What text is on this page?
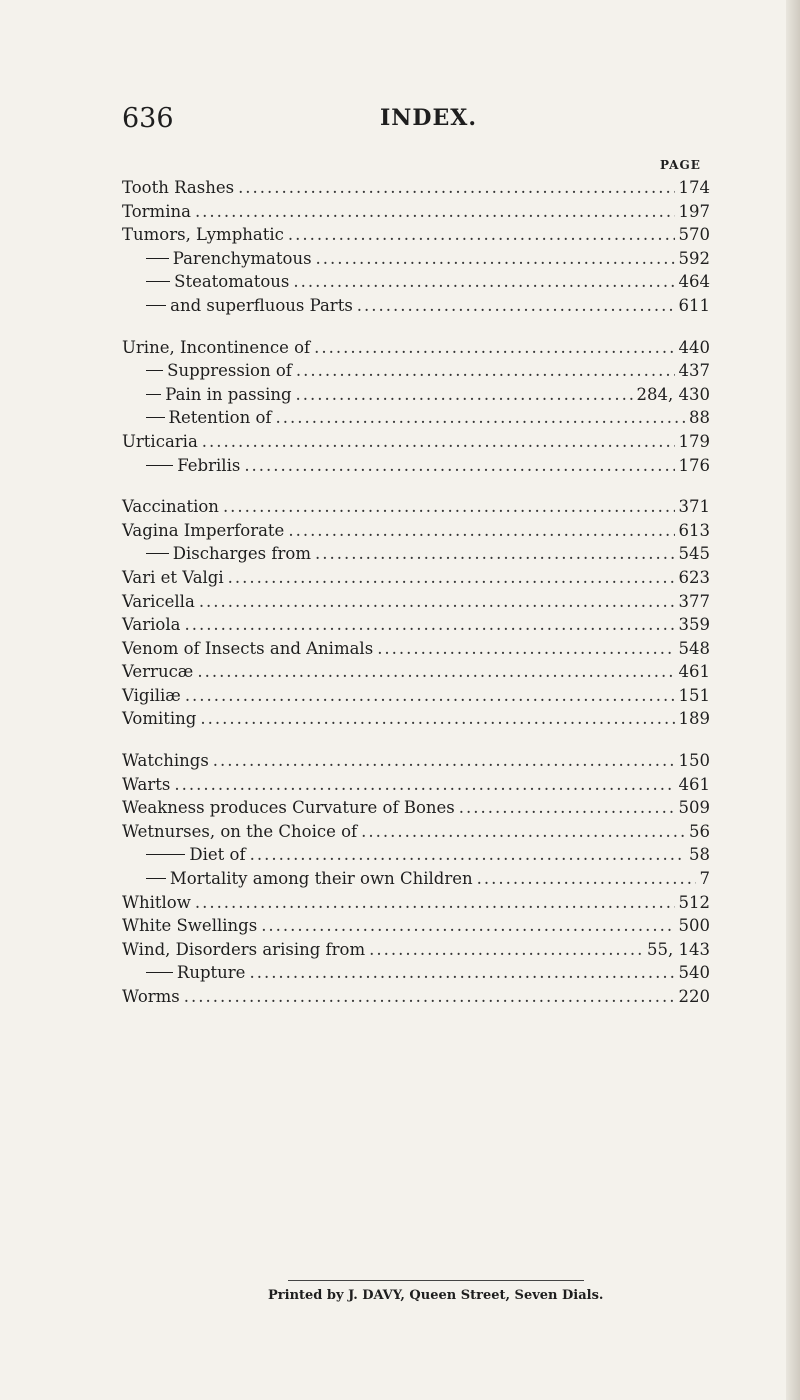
636	INDEX.
PAGE
Tooth Rashes .....	174
Tormina .....	197
Tumors, Lymphatic .....	570
Parenchymatous .....	592
Steatomatous .....	464
and superfluous Parts .....	611
Urine, Incontinence of .....	440
Suppression of .....	437
Pain in passing .....	284, 430
Retention of .....	88
Urticaria .....	179
Febrilis .....	176
Vaccination .....	371
Vagina Imperforate .....	613
Discharges from .....	545
Vari et Valgi .....	623
Varicella .....	377
Variola .....	359
Venom of Insects and Animals .....	548
Verrucæ .....	461
Vigiliæ .....	151
Vomiting .....	189
Watchings .....	150
Warts .....	461
Weakness produces Curvature of Bones .....	509
Wetnurses, on the Choice of .....	56
Diet of .....	58
Mortality among their own Children .....	7
Whitlow .....	512
White Swellings .....	500
Wind, Disorders arising from .....	55, 143
Rupture .....	540
Worms .....	220
Printed by J. DAVY, Queen Street, Seven Dials.
